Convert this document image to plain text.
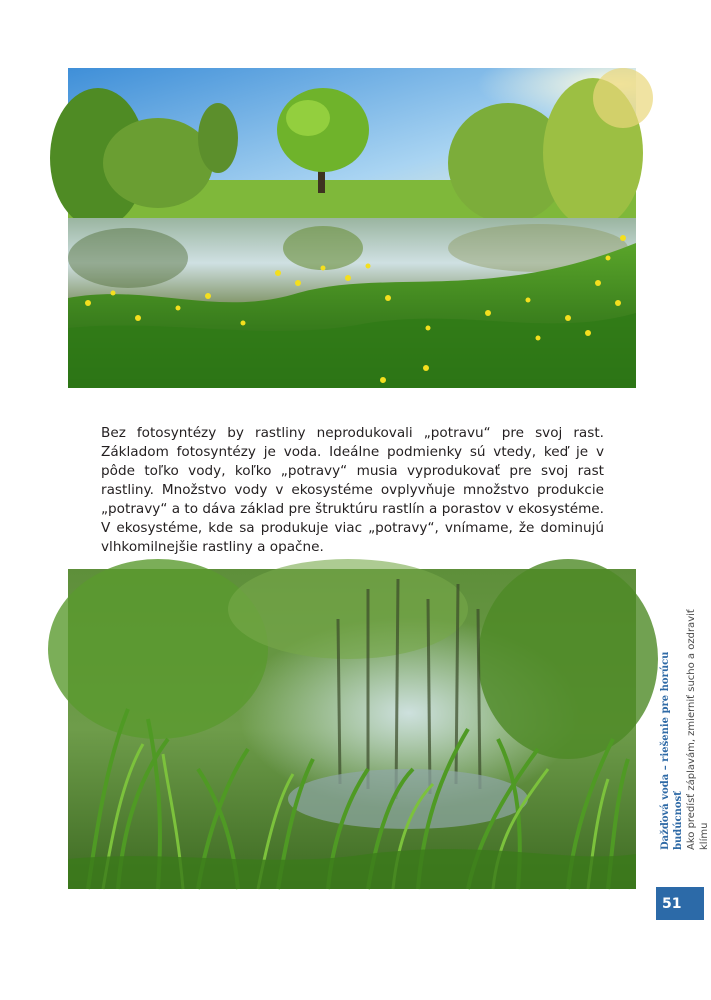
Bez fotosyntézy by rastliny neprodukovali „potravu“ pre svoj rast. Základom fotosyntézy je voda. Ideálne podmienky sú vtedy, keď je v pôde toľko vody, koľko „potravy“ musia vyprodukovať pre svoj rast rastliny. Množstvo vody v ekosystéme ovplyvňuje množstvo produkcie „potravy“ a to dáva základ pre štruktúru rastlín a porastov v ekosystéme. V ekosystéme, kde sa produkuje viac „potravy“, vnímame, že dominujú vlhkomilnejšie rastliny a opačne.

Dažďová voda – riešenie pre horúcu budúcnosť Ako predísť záplavám, zmierniť sucho a ozdraviť klímu
51
